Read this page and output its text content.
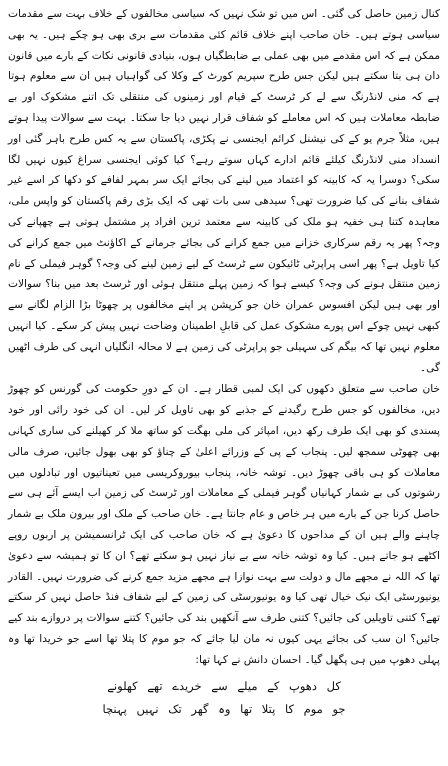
کنال زمین حاصل کی گئی۔ اس میں تو شک نہیں کہ سیاسی مخالفوں کے خلاف بہت سے مقدمات سیاسی ہوتے ہیں۔ خان صاحب اپنے خلاف قائم کئی مقدمات سے بری بھی ہو چکے ہیں۔ یہ بھی ممکن ہے کہ اس مقدمے میں بھی عملی بے ضابطگیاں ہوں، بنیادی قانونی نکات کے بارے میں قانون دان ہی بتا سکتے ہیں لیکن جس طرح سپریم کورٹ کے وکلا کی گواہیاں ہیں ان سے معلوم ہوتا ہے کہ منی لانڈرنگ سے لے کر ٹرسٹ کے قیام اور زمینوں کی منتقلی تک اتنے مشکوک اور بے ضابطہ معاملات ہیں کہ اس معاملے کو شفاف قرار نہیں دیا جا سکتا۔ بہت سے سوالات پیدا ہوتے ہیں، مثلاً جرم یو کے کی نیشنل کرائم ایجنسی نے پکڑی، پاکستان سے یہ کس طرح باہر گئی اور انسداد منی لانڈرنگ کیلئے قائم ادارے کہاں سوتے رہے؟ کیا کوئی ایجنسی سراغ کیوں نہیں لگا سکی؟ دوسرا یہ کہ کابینہ کو اعتماد میں لینے کی بجائے ایک سر بمہر لفافے کو دکھا کر اسے غیر شفاف بنانے کی کیا ضرورت تھی؟ سیدھی سی بات تھی کہ ایک بڑی رقم پاکستان کو واپس ملی، معاہدہ کتنا ہی خفیہ ہو ملک کی کابینہ سے معتمد ترین افراد پر مشتمل ہوتی ہے چھپانے کی وجہ؟ پھر یہ رقم سرکاری خزانے میں جمع کرانے کی بجائے جرمانے کے اکاؤنٹ میں جمع کرانے کی کیا تاویل ہے؟ پھر اسی پراپرٹی ٹائیکون سے ٹرسٹ کے لیے زمین لینے کی وجہ؟ گوہر فیملی کے نام زمین منتقل ہونے کی وجہ؟ کیسے ہوا کہ زمین پہلے منتقل ہوئی اور ٹرسٹ بعد میں بنا؟ سوالات اور بھی ہیں لیکن افسوس عمران خان جو کرپشن پر اپنے مخالفوں پر چھوٹا بڑا الزام لگانے سے کبھی نہیں چوکے اس پورے مشکوک عمل کی قابلِ اطمینان وضاحت نہیں پیش کر سکے۔ کیا انہیں معلوم نہیں تھا کہ بیگم کی سہیلی جو پراپرٹی کی زمین ہے لا محالہ انگلیاں انہی کی طرف اٹھیں گی۔

خان صاحب سے متعلق دکھوں کی ایک لمبی قطار ہے۔ ان کے دورِ حکومت کی گورنس کو چھوڑ دیں، مخالفوں کو جس طرح رگیدنے کے جذبے کو بھی تاویل کر لیں۔ ان کی خود رائی اور خود پسندی کو بھی ایک طرف رکھ دیں، امپائر کی ملی بھگت کو ساتھ ملا کر کھیلنے کی ساری کہانی بھی چھوٹی سمجھ لیں۔ پنجاب کے پی کے وزرائے اعلیٰ کے چناؤ کو بھی بھول جائیں، صرف مالی معاملات کو ہی باقی چھوڑ دیں۔ توشہ خانہ، پنجاب بیوروکریسی میں تعیناتیوں اور تبادلوں میں رشوتوں کی بے شمار کہانیاں گوہر فیملی کے معاملات اور ٹرسٹ کی زمین اب ایسے آئے ہی سے حاصل کرنا جن کے بارے میں ہر خاص و عام جانتا ہے۔ خان صاحب کے ملک اور بیرون ملک بے شمار چاہنے والے ہیں ان کے مداحوں کا دعویٰ ہے کہ خان صاحب کی ایک ٹرانسمیشن پر اربوں روپے اکٹھے ہو جاتے ہیں۔ کیا وہ توشہ خانہ سے بے نیاز نہیں ہو سکتے تھے؟ ان کا تو ہمیشہ سے دعویٰ تھا کہ اللہ نے مجھے مال و دولت سے بہت نوازا ہے مجھے مزید جمع کرنے کی ضرورت نہیں۔ القادر یونیورسٹی ایک نیک خیال تھی کیا وہ یونیورسٹی کی زمین کے لیے شفاف فنڈ حاصل نہیں کر سکتے تھے؟ کتنی تاویلیں کی جائیں؟ کتنی طرف سے آنکھیں بند کی جائیں؟ کتنے سوالات پر دروازے بند کیے جائیں؟ ان سب کی بجائے یہی کیوں نہ مان لیا جائے کہ جو موم کا پتلا تھا اسے جو خریدا تھا وہ پہلی دھوپ میں ہی پگھل گیا۔ احسان دانش نے کہا تھا:

کل دھوپ کے میلے سے خریدے تھے کھلونے
جو موم کا پتلا تھا وہ گھر تک نہیں پہنچا
